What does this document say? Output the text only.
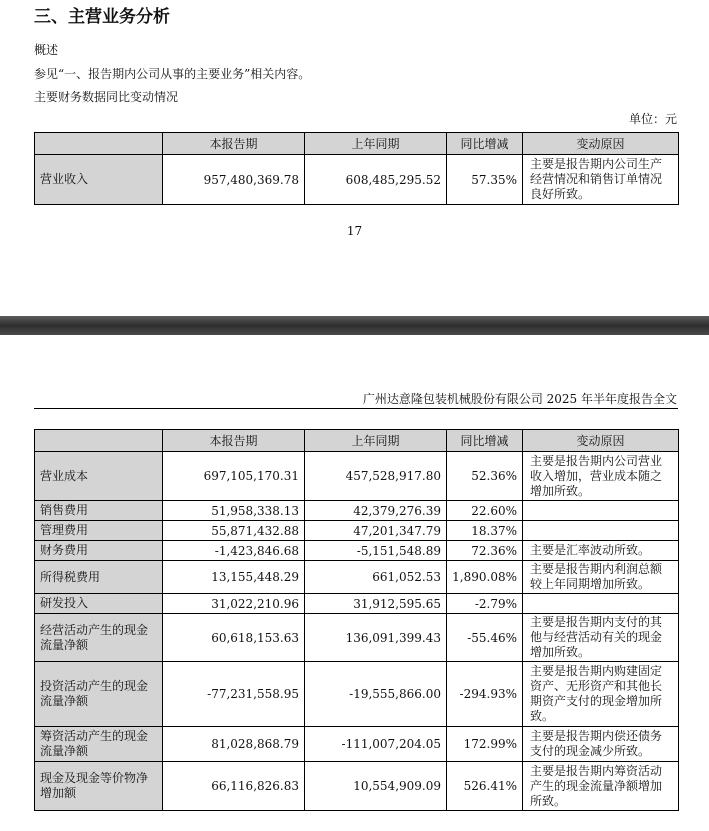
三、主营业务分析
概述
参见“一、报告期内公司从事的主要业务”相关内容。
主要财务数据同比变动情况
单位：元
	本报告期	上年同期	同比增减	变动原因
营业收入	957,480,369.78	608,485,295.52	57.35%	主要是报告期内公司生产经营情况和销售订单情况良好所致。
17
广州达意隆包装机械股份有限公司 2025 年半年度报告全文
	本报告期	上年同期	同比增减	变动原因
营业成本	697,105,170.31	457,528,917.80	52.36%	主要是报告期内公司营业收入增加，营业成本随之增加所致。
销售费用	51,958,338.13	42,379,276.39	22.60%	
管理费用	55,871,432.88	47,201,347.79	18.37%	
财务费用	-1,423,846.68	-5,151,548.89	72.36%	主要是汇率波动所致。
所得税费用	13,155,448.29	661,052.53	1,890.08%	主要是报告期内利润总额较上年同期增加所致。
研发投入	31,022,210.96	31,912,595.65	-2.79%	
经营活动产生的现金流量净额	60,618,153.63	136,091,399.43	-55.46%	主要是报告期内支付的其他与经营活动有关的现金增加所致。
投资活动产生的现金流量净额	-77,231,558.95	-19,555,866.00	-294.93%	主要是报告期内购建固定资产、无形资产和其他长期资产支付的现金增加所致。
筹资活动产生的现金流量净额	81,028,868.79	-111,007,204.05	172.99%	主要是报告期内偿还债务支付的现金减少所致。
现金及现金等价物净增加额	66,116,826.83	10,554,909.09	526.41%	主要是报告期内筹资活动产生的现金流量净额增加所致。
